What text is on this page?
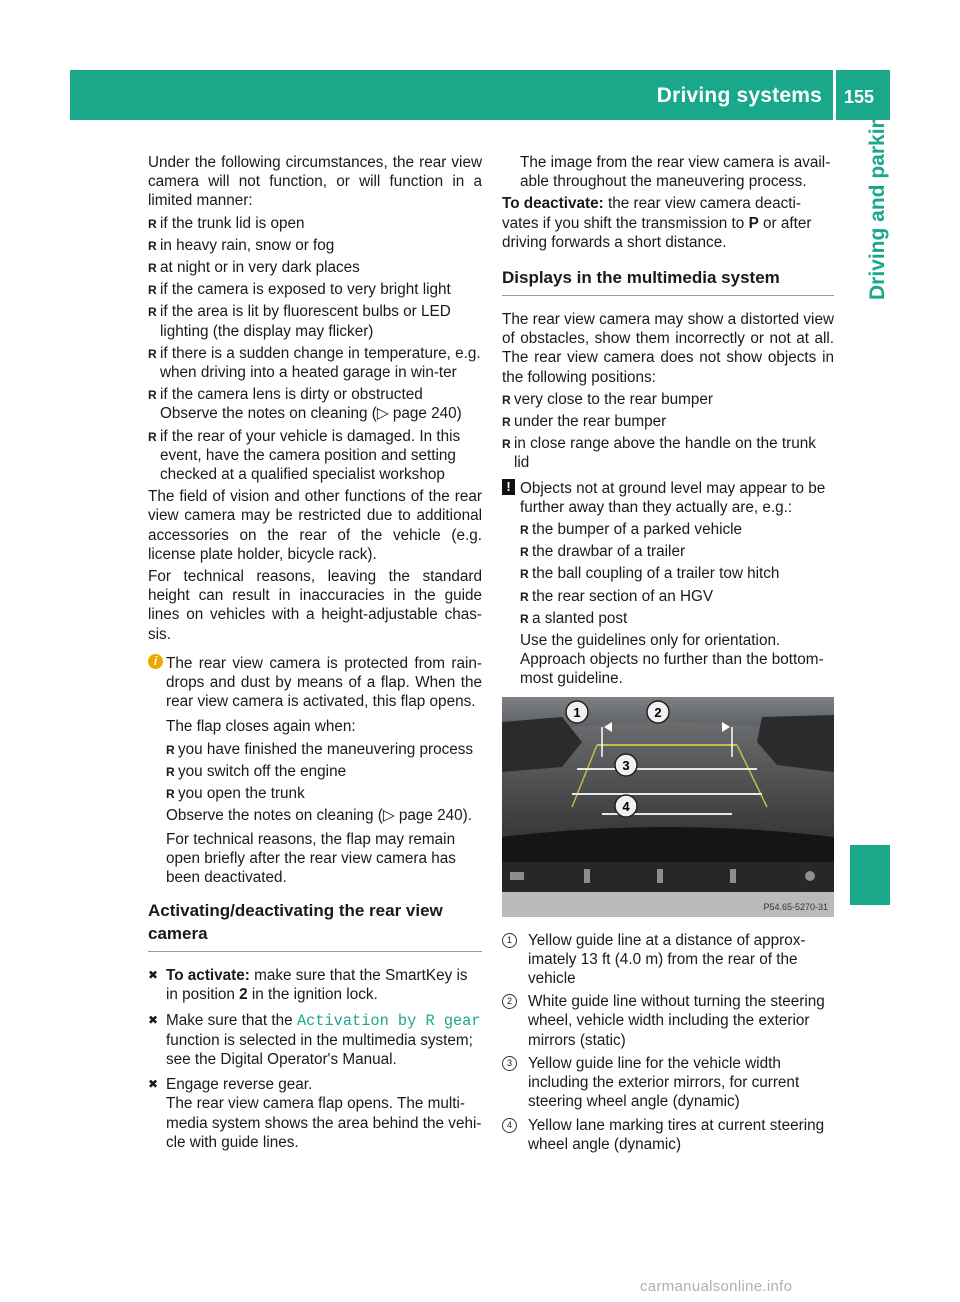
Driving systems 155
Driving and parking

Under the following circumstances, the rear view camera will not function, or will function in a limited manner:

R if the trunk lid is open
R in heavy rain, snow or fog
R at night or in very dark places
R if the camera is exposed to very bright light
R if the area is lit by fluorescent bulbs or LED lighting (the display may flicker)
R if there is a sudden change in temperature, e.g. when driving into a heated garage in win-ter
R if the camera lens is dirty or obstructed Observe the notes on cleaning (▷ page 240)
R if the rear of your vehicle is damaged. In this event, have the camera position and setting checked at a qualified specialist workshop

The field of vision and other functions of the rear view camera may be restricted due to additional accessories on the rear of the vehicle (e.g. license plate holder, bicycle rack).

For technical reasons, leaving the standard height can result in inaccuracies in the guide lines on vehicles with a height-adjustable chas-sis.

i The rear view camera is protected from rain-drops and dust by means of a flap. When the rear view camera is activated, this flap opens.

The flap closes again when:

R you have finished the maneuvering process
R you switch off the engine
R you open the trunk

Observe the notes on cleaning (▷ page 240).

For technical reasons, the flap may remain open briefly after the rear view camera has been deactivated.

Activating/deactivating the rear view camera
✖ To activate: make sure that the SmartKey is in position 2 in the ignition lock.
✖ Make sure that the Activation by R gear function is selected in the multimedia system; see the Digital Operator's Manual.
✖ Engage reverse gear.
The rear view camera flap opens. The multi-media system shows the area behind the vehi-cle with guide lines.

The image from the rear view camera is avail-able throughout the maneuvering process.

To deactivate: the rear view camera deacti-vates if you shift the transmission to P or after driving forwards a short distance.

Displays in the multimedia system

The rear view camera may show a distorted view of obstacles, show them incorrectly or not at all. The rear view camera does not show objects in the following positions:

R very close to the rear bumper
R under the rear bumper
R in close range above the handle on the trunk lid
! Objects not at ground level may appear to be further away than they actually are, e.g.:

R the bumper of a parked vehicle
R the drawbar of a trailer
R the ball coupling of a trailer tow hitch
R the rear section of an HGV
R a slanted post

Use the guidelines only for orientation. Approach objects no further than the bottom-most guideline.

1	2
3
4
P54.65-5270-31
1	Yellow guide line at a distance of approx-imately 13 ft (4.0 m) from the rear of the vehicle
2	White guide line without turning the steering wheel, vehicle width including the exterior mirrors (static)
3	Yellow guide line for the vehicle width including the exterior mirrors, for current steering wheel angle (dynamic)
4	Yellow lane marking tires at current steering wheel angle (dynamic)
carmanualsonline.info
